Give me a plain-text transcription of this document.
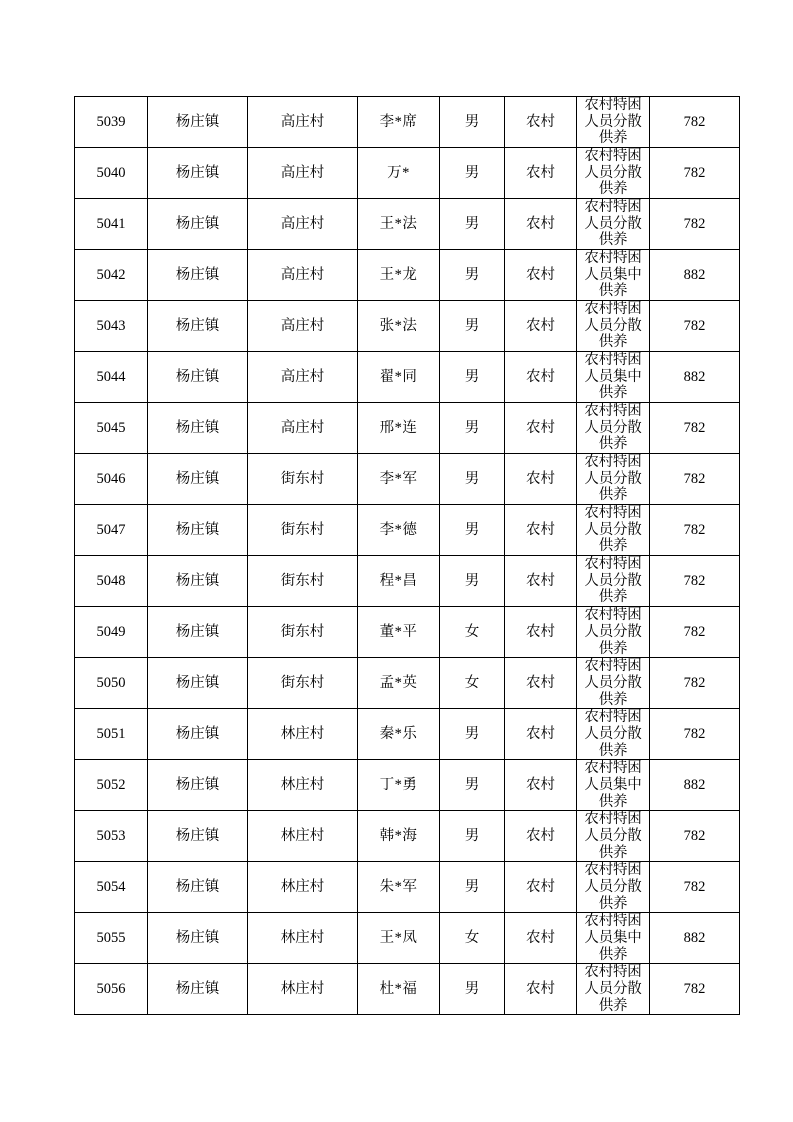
5039	杨庄镇	高庄村	李*席	男	农村	农村特困人员分散供养	782
5040	杨庄镇	高庄村	万*	男	农村	农村特困人员分散供养	782
5041	杨庄镇	高庄村	王*法	男	农村	农村特困人员分散供养	782
5042	杨庄镇	高庄村	王*龙	男	农村	农村特困人员集中供养	882
5043	杨庄镇	高庄村	张*法	男	农村	农村特困人员分散供养	782
5044	杨庄镇	高庄村	翟*同	男	农村	农村特困人员集中供养	882
5045	杨庄镇	高庄村	邢*连	男	农村	农村特困人员分散供养	782
5046	杨庄镇	街东村	李*军	男	农村	农村特困人员分散供养	782
5047	杨庄镇	街东村	李*德	男	农村	农村特困人员分散供养	782
5048	杨庄镇	街东村	程*昌	男	农村	农村特困人员分散供养	782
5049	杨庄镇	街东村	董*平	女	农村	农村特困人员分散供养	782
5050	杨庄镇	街东村	孟*英	女	农村	农村特困人员分散供养	782
5051	杨庄镇	林庄村	秦*乐	男	农村	农村特困人员分散供养	782
5052	杨庄镇	林庄村	丁*勇	男	农村	农村特困人员集中供养	882
5053	杨庄镇	林庄村	韩*海	男	农村	农村特困人员分散供养	782
5054	杨庄镇	林庄村	朱*军	男	农村	农村特困人员分散供养	782
5055	杨庄镇	林庄村	王*凤	女	农村	农村特困人员集中供养	882
5056	杨庄镇	林庄村	杜*福	男	农村	农村特困人员分散供养	782
